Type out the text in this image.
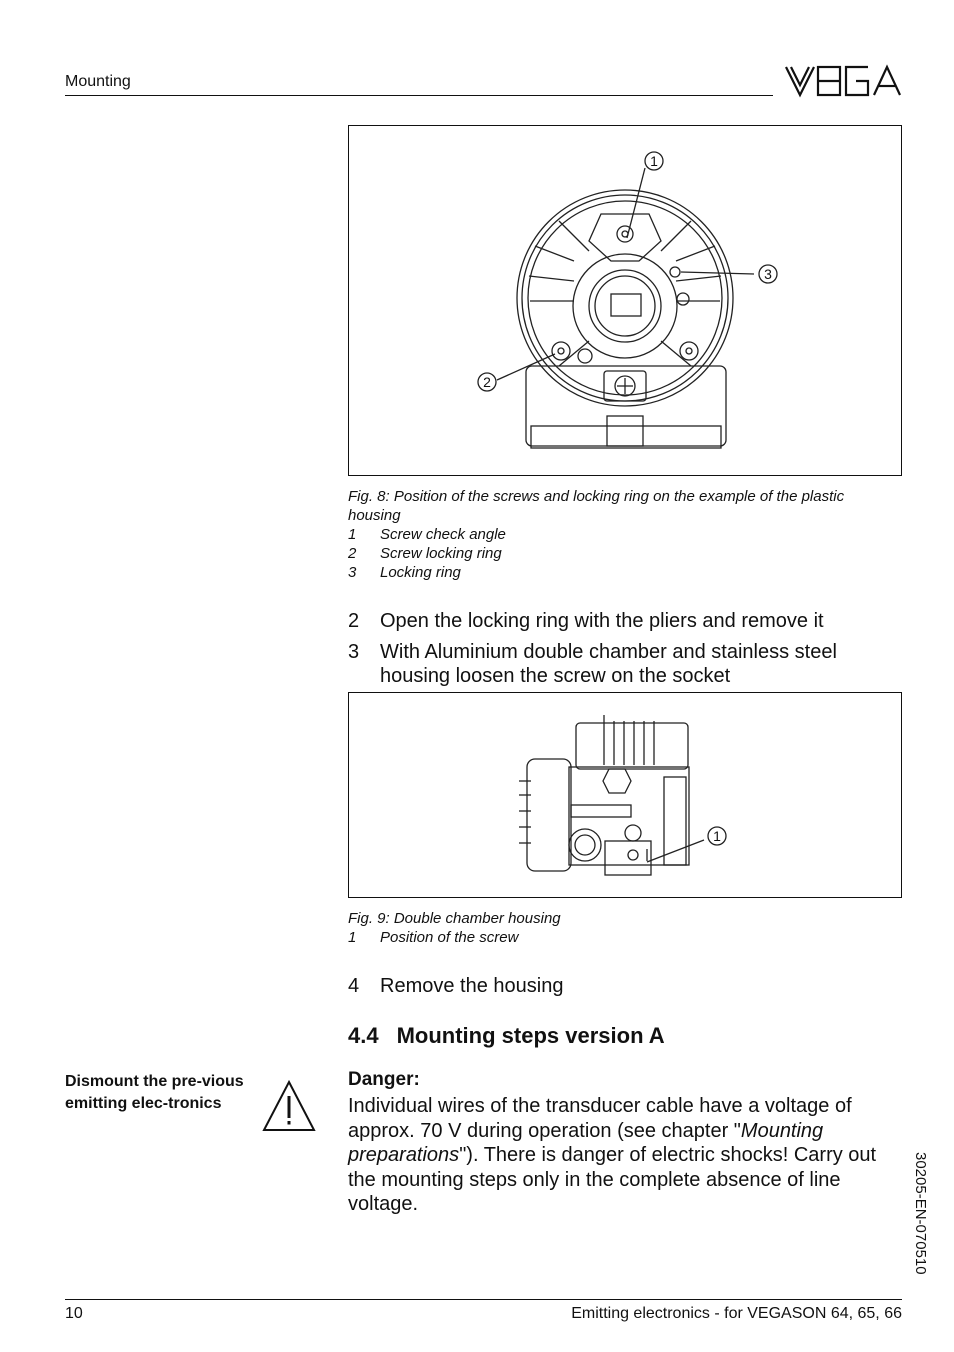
Mounting
1
2
3
Fig. 8: Position of the screws and locking ring on the example of the plastic housing
1 Screw check angle
2 Screw locking ring
3 Locking ring
2 Open the locking ring with the pliers and remove it
3 With Aluminium double chamber and stainless steel housing loosen the screw on the socket
1
Fig. 9: Double chamber housing
1 Position of the screw
4 Remove the housing
4.4 Mounting steps version A
Dismount the pre-vious emitting elec-tronics
Danger:
Individual wires of the transducer cable have a voltage of approx. 70 V during operation (see chapter "Mounting preparations"). There is danger of electric shocks! Carry out the mounting steps only in the complete absence of line voltage.	30205-EN-070510
10	Emitting electronics - for VEGASON 64, 65, 66
